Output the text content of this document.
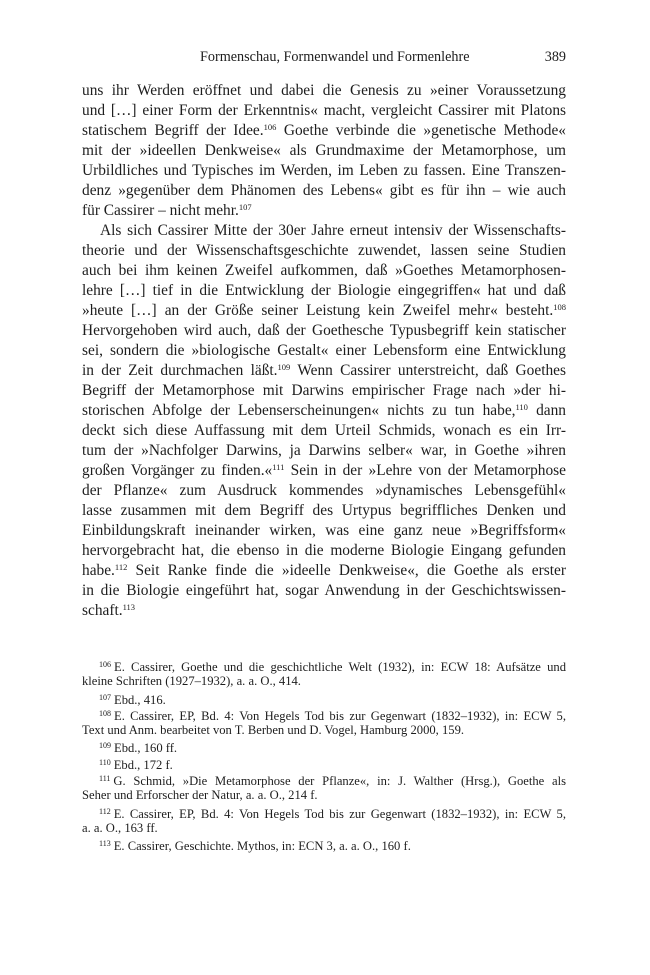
Formenschau, Formenwandel und Formenlehre	389
uns ihr Werden eröffnet und dabei die Genesis zu »einer Voraussetzung
und […] einer Form der Erkenntnis« macht, vergleicht Cassirer mit Platons
statischem Begriff der Idee.$^{106}$ Goethe verbinde die »genetische Methode«
mit der »ideellen Denkweise« als Grundmaxime der Metamorphose, um
Urbildliches und Typisches im Werden, im Leben zu fassen. Eine Transzen-
denz »gegenüber dem Phänomen des Lebens« gibt es für ihn – wie auch
für Cassirer – nicht mehr.$^{107}$
Als sich Cassirer Mitte der 30er Jahre erneut intensiv der Wissenschafts-
theorie und der Wissenschaftsgeschichte zuwendet, lassen seine Studien
auch bei ihm keinen Zweifel aufkommen, daß »Goethes Metamorphosen-
lehre […] tief in die Entwicklung der Biologie eingegriffen« hat und daß
»heute […] an der Größe seiner Leistung kein Zweifel mehr« besteht.$^{108}$
Hervorgehoben wird auch, daß der Goethesche Typusbegriff kein statischer
sei, sondern die »biologische Gestalt« einer Lebensform eine Entwicklung
in der Zeit durchmachen läßt.$^{109}$ Wenn Cassirer unterstreicht, daß Goethes
Begriff der Metamorphose mit Darwins empirischer Frage nach »der hi-
storischen Abfolge der Lebenserscheinungen« nichts zu tun habe,$^{110}$ dann
deckt sich diese Auffassung mit dem Urteil Schmids, wonach es ein Irr-
tum der »Nachfolger Darwins, ja Darwins selber« war, in Goethe »ihren
großen Vorgänger zu finden.«$^{111}$ Sein in der »Lehre von der Metamorphose
der Pflanze« zum Ausdruck kommendes »dynamisches Lebensgefühl«
lasse zusammen mit dem Begriff des Urtypus begriffliches Denken und
Einbildungskraft ineinander wirken, was eine ganz neue »Begriffsform«
hervorgebracht hat, die ebenso in die moderne Biologie Eingang gefunden
habe.$^{112}$ Seit Ranke finde die »ideelle Denkweise«, die Goethe als erster
in die Biologie eingeführt hat, sogar Anwendung in der Geschichtswissen-
schaft.$^{113}$
$^{106}$ E. Cassirer, Goethe und die geschichtliche Welt (1932), in: ECW 18: Aufsätze und
kleine Schriften (1927–1932), a. a. O., 414.
$^{107}$ Ebd., 416.
$^{108}$ E. Cassirer, EP, Bd. 4: Von Hegels Tod bis zur Gegenwart (1832–1932), in: ECW 5,
Text und Anm. bearbeitet von T. Berben und D. Vogel, Hamburg 2000, 159.
$^{109}$ Ebd., 160 ff.
$^{110}$ Ebd., 172 f.
$^{111}$ G. Schmid, »Die Metamorphose der Pflanze«, in: J. Walther (Hrsg.), Goethe als
Seher und Erforscher der Natur, a. a. O., 214 f.
$^{112}$ E. Cassirer, EP, Bd. 4: Von Hegels Tod bis zur Gegenwart (1832–1932), in: ECW 5,
a. a. O., 163 ff.
$^{113}$ E. Cassirer, Geschichte. Mythos, in: ECN 3, a. a. O., 160 f.
